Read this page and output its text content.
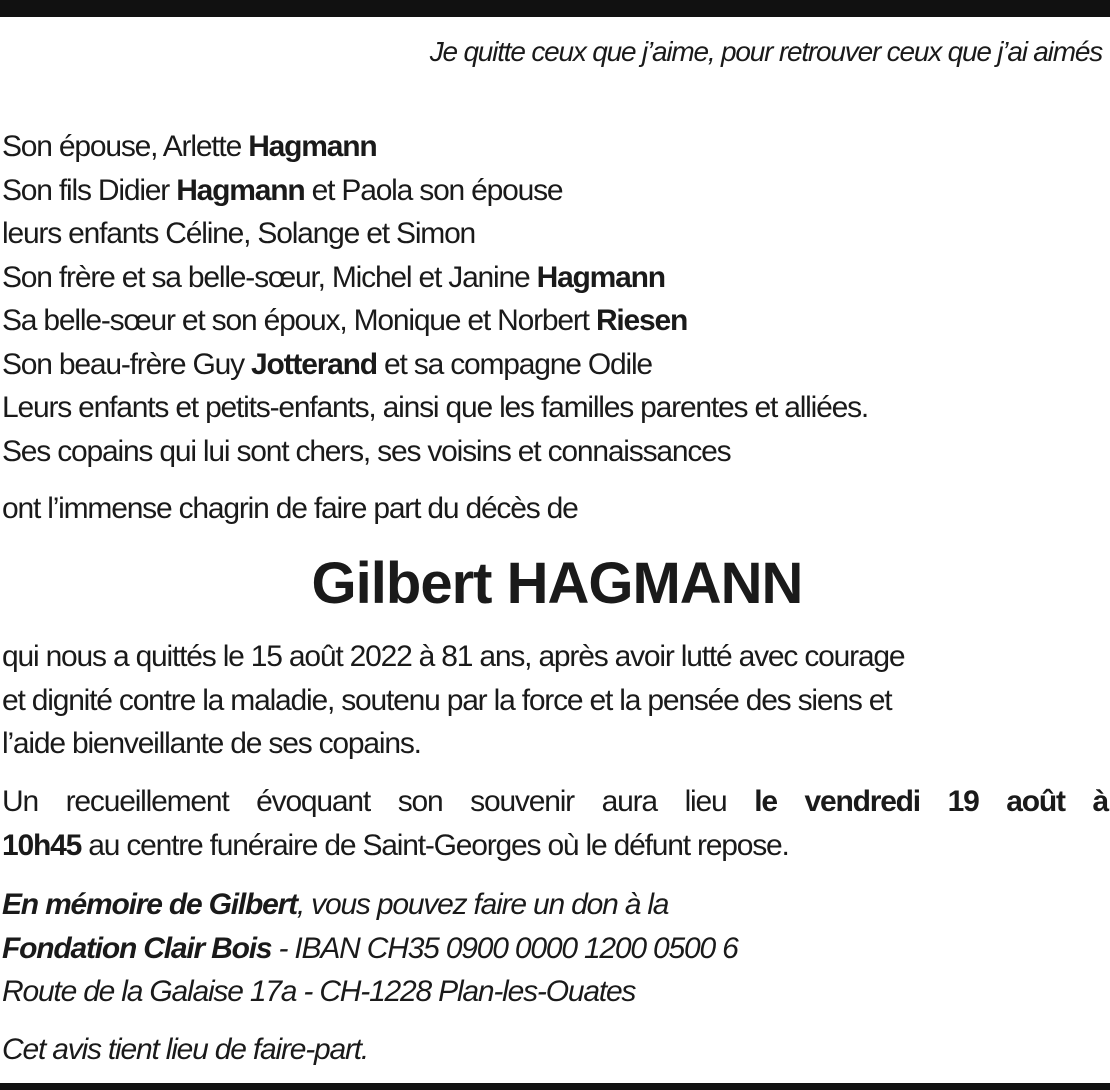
Je quitte ceux que j’aime, pour retrouver ceux que j’ai aimés
Son épouse, Arlette Hagmann
Son fils Didier Hagmann et Paola son épouse
leurs enfants Céline, Solange et Simon
Son frère et sa belle-sœur, Michel et Janine Hagmann
Sa belle-sœur et son époux, Monique et Norbert Riesen
Son beau-frère Guy Jotterand et sa compagne Odile
Leurs enfants et petits-enfants, ainsi que les familles parentes et alliées.
Ses copains qui lui sont chers, ses voisins et connaissances
ont l’immense chagrin de faire part du décès de
Gilbert HAGMANN
qui nous a quittés le 15 août 2022 à 81 ans, après avoir lutté avec courage
et dignité contre la maladie, soutenu par la force et la pensée des siens et
l’aide bienveillante de ses copains.
Un recueillement évoquant son souvenir aura lieu le vendredi 19 août à
10h45 au centre funéraire de Saint-Georges où le défunt repose.
En mémoire de Gilbert, vous pouvez faire un don à la
Fondation Clair Bois - IBAN CH35 0900 0000 1200 0500 6
Route de la Galaise 17a - CH-1228 Plan-les-Ouates
Cet avis tient lieu de faire-part.
